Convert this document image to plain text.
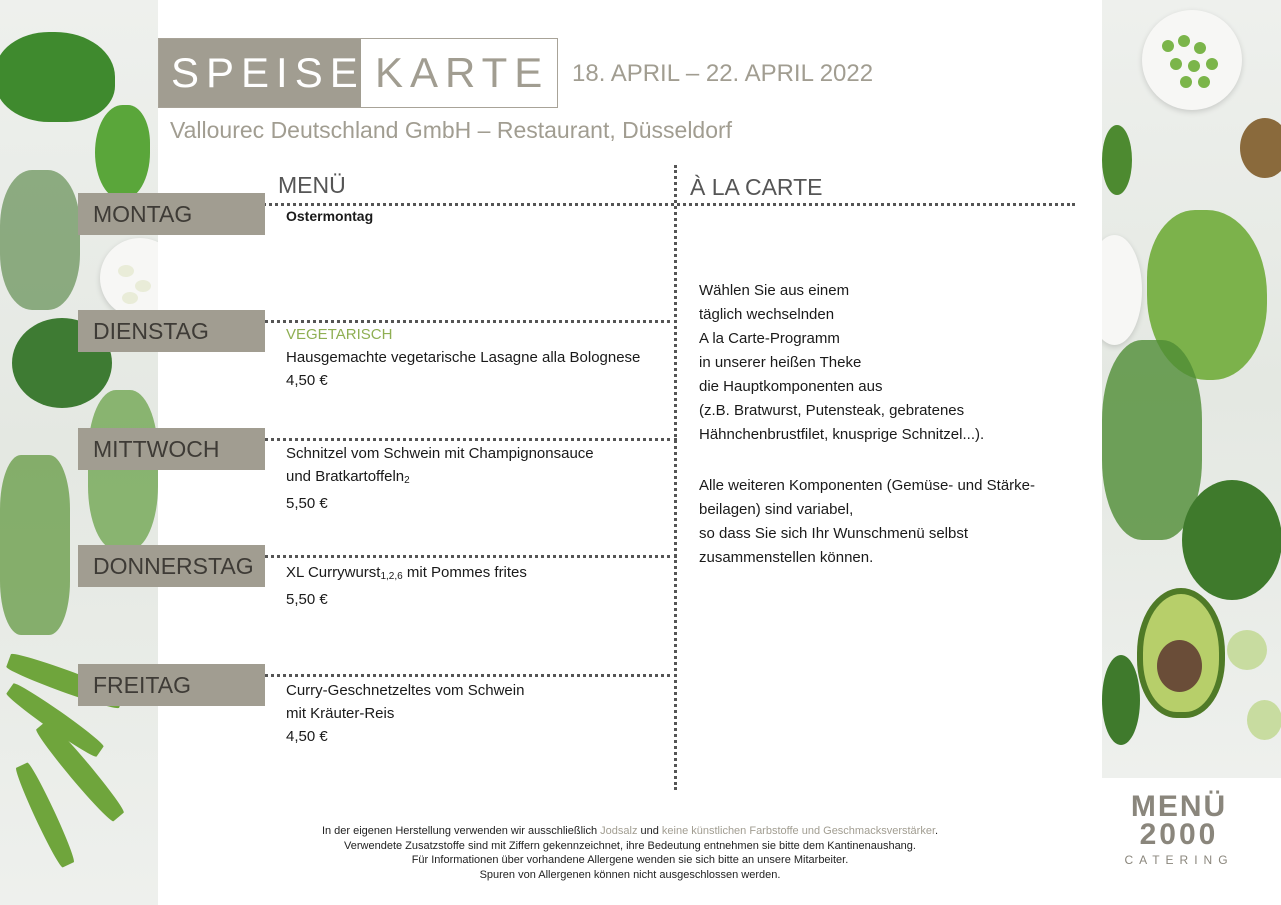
SPEISE KARTE 18. APRIL – 22. APRIL 2022
Vallourec Deutschland GmbH – Restaurant, Düsseldorf
MENÜ	À LA CARTE
MONTAG
DIENSTAG
MITTWOCH
DONNERSTAG
FREITAG
Ostermontag
VEGETARISCH
Hausgemachte vegetarische Lasagne alla Bolognese
4,50 €
Schnitzel vom Schwein mit Champignonsauce
und Bratkartoffeln$_2$
5,50 €
XL Currywurst$_{1,2,6}$ mit Pommes frites
5,50 €
Curry-Geschnetzeltes vom Schwein
mit Kräuter-Reis
4,50 €
Wählen Sie aus einem
täglich wechselnden
A la Carte-Programm
in unserer heißen Theke
die Hauptkomponenten aus
(z.B. Bratwurst, Putensteak, gebratenes
Hähnchenbrustfilet, knusprige Schnitzel...).
Alle weiteren Komponenten (Gemüse- und Stärke-
beilagen) sind variabel,
so dass Sie sich Ihr Wunschmenü selbst
zusammenstellen können.
In der eigenen Herstellung verwenden wir ausschließlich Jodsalz und keine künstlichen Farbstoffe und Geschmacksverstärker.
Verwendete Zusatzstoffe sind mit Ziffern gekennzeichnet, ihre Bedeutung entnehmen sie bitte dem Kantinenaushang.
Für Informationen über vorhandene Allergene wenden sie sich bitte an unsere Mitarbeiter.
Spuren von Allergenen können nicht ausgeschlossen werden.
MENÜ
2000
CATERING
